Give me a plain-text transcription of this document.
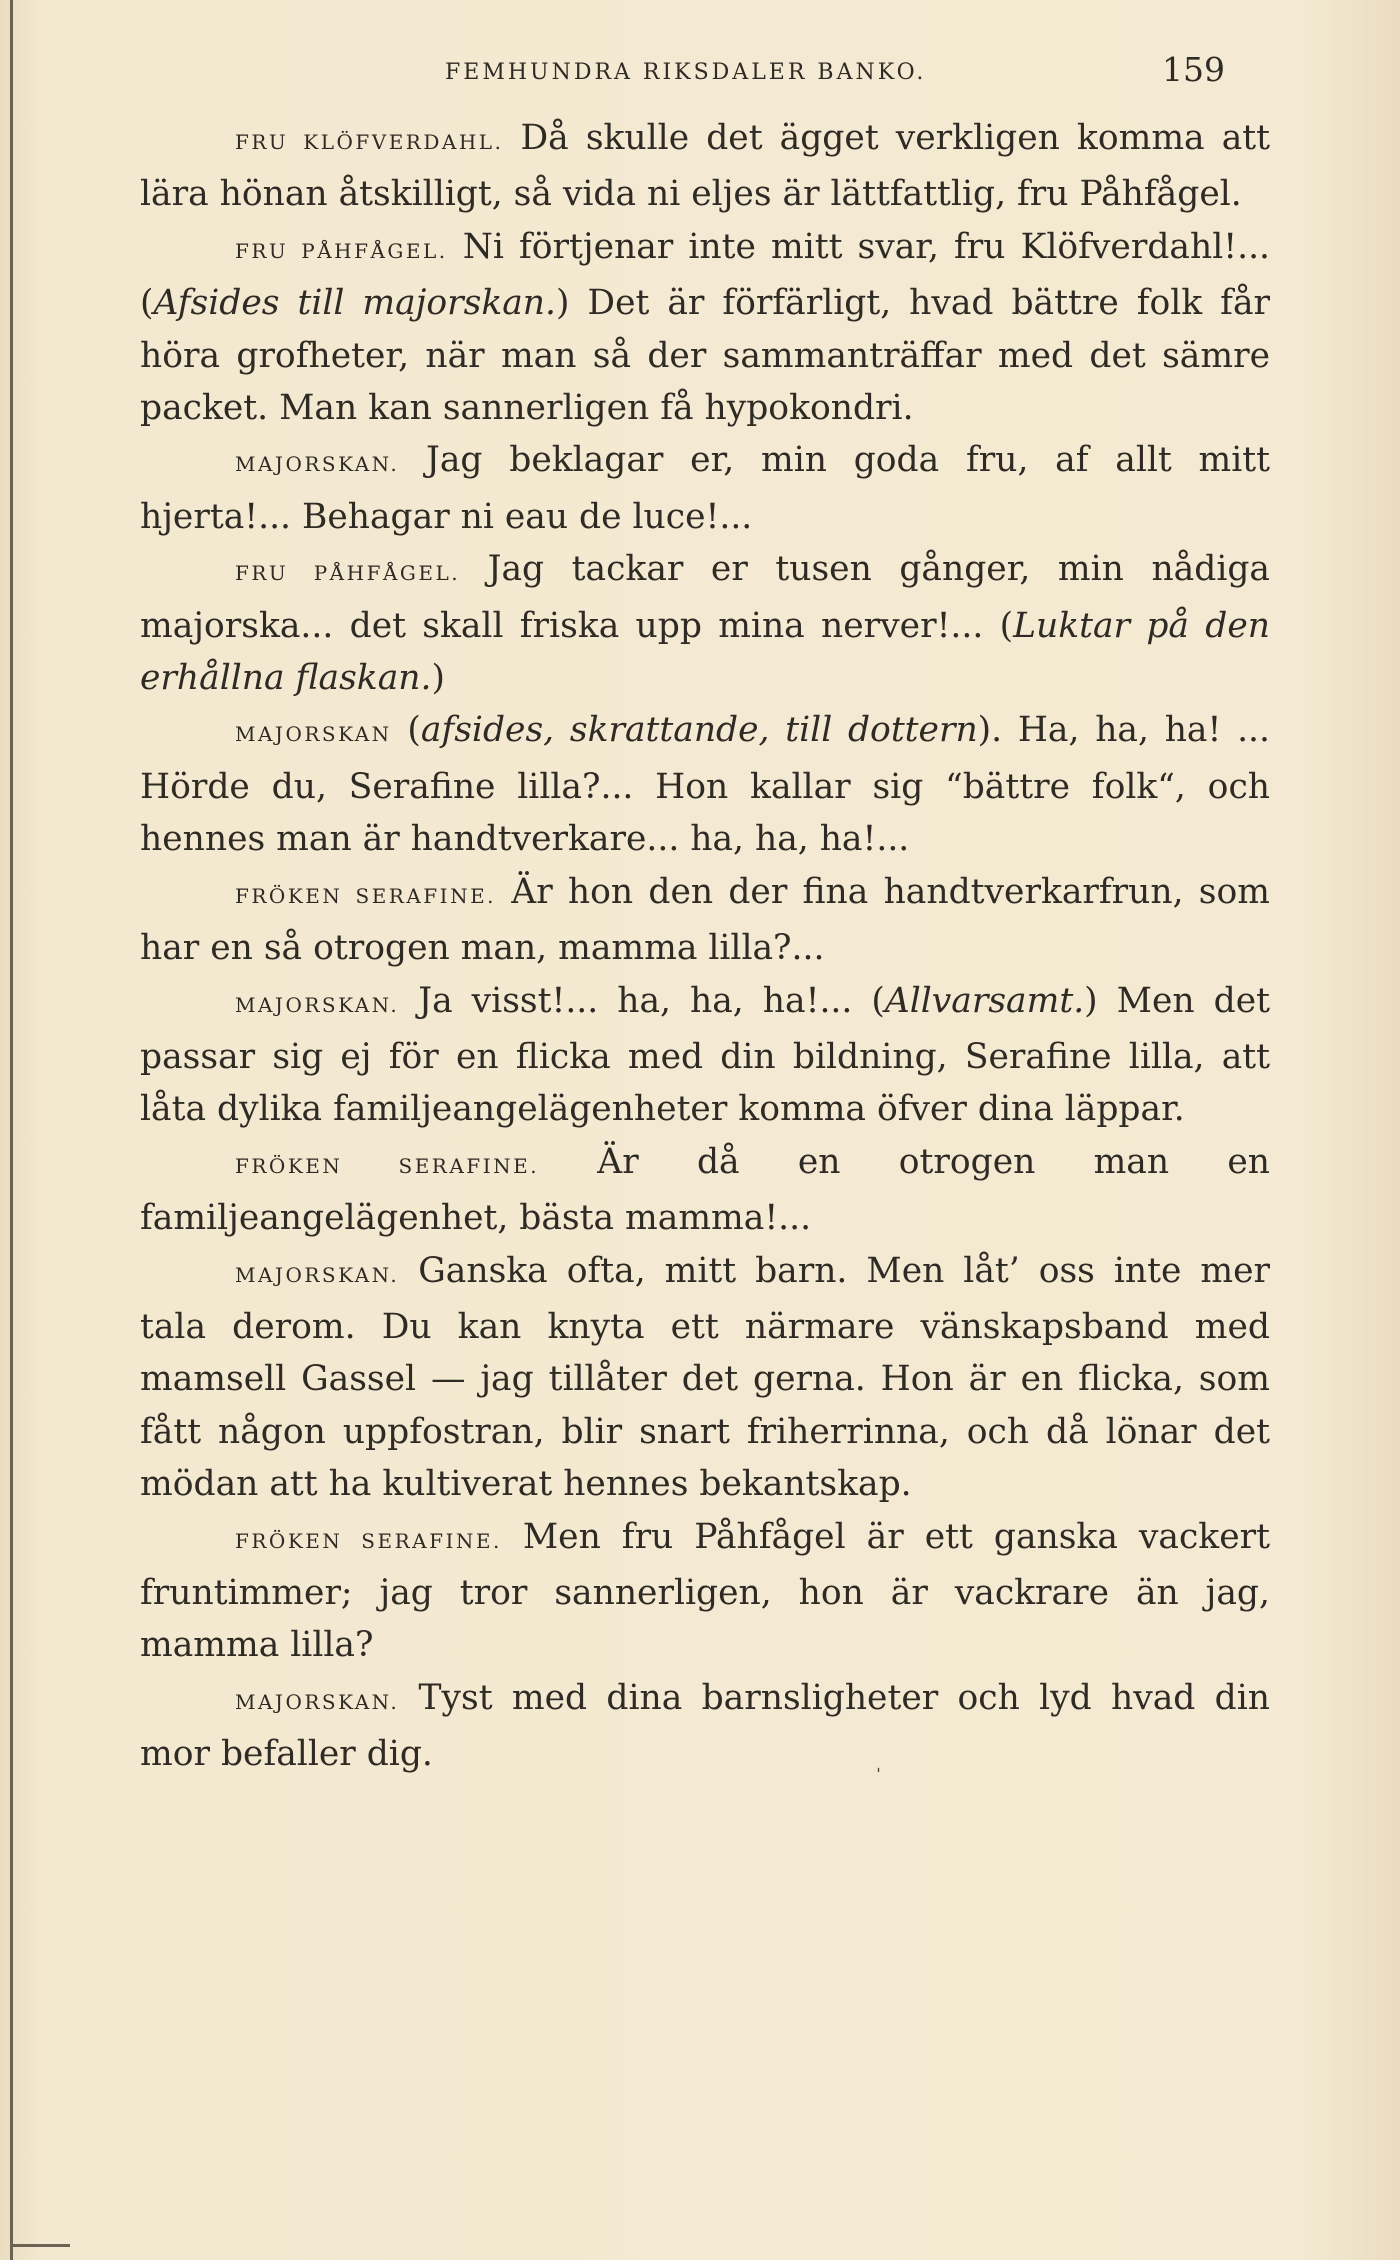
FEMHUNDRA RIKSDALER BANKO.	159

FRU KLÖFVERDAHL. Då skulle det ägget verkligen komma att lära hönan åtskilligt, så vida ni eljes är lättfattlig, fru Påhfågel.

FRU PÅHFÅGEL. Ni förtjenar inte mitt svar, fru Klöfverdahl!... (Afsides till majorskan.) Det är förfärligt, hvad bättre folk får höra grofheter, när man så der sammanträffar med det sämre packet. Man kan sannerligen få hypokondri.

MAJORSKAN. Jag beklagar er, min goda fru, af allt mitt hjerta!... Behagar ni eau de luce!...

FRU PÅHFÅGEL. Jag tackar er tusen gånger, min nådiga majorska... det skall friska upp mina nerver!... (Luktar på den erhållna flaskan.)

MAJORSKAN (afsides, skrattande, till dottern). Ha, ha, ha! ... Hörde du, Serafine lilla?... Hon kallar sig “bättre folk“, och hennes man är handtverkare... ha, ha, ha!...

FRÖKEN SERAFINE. Är hon den der fina handtverkarfrun, som har en så otrogen man, mamma lilla?...

MAJORSKAN. Ja visst!... ha, ha, ha!... (Allvarsamt.) Men det passar sig ej för en flicka med din bildning, Serafine lilla, att låta dylika familjeangelägenheter komma öfver dina läppar.

FRÖKEN SERAFINE. Är då en otrogen man en familjeangelägenhet, bästa mamma!...

MAJORSKAN. Ganska ofta, mitt barn. Men låt’ oss inte mer tala derom. Du kan knyta ett närmare vänskapsband med mamsell Gassel — jag tillåter det gerna. Hon är en flicka, som fått någon uppfostran, blir snart friherrinna, och då lönar det mödan att ha kultiverat hennes bekantskap.

FRÖKEN SERAFINE. Men fru Påhfågel är ett ganska vackert fruntimmer; jag tror sannerligen, hon är vackrare än jag, mamma lilla?

MAJORSKAN. Tyst med dina barnsligheter och lyd hvad din mor befaller dig.	ˌ
